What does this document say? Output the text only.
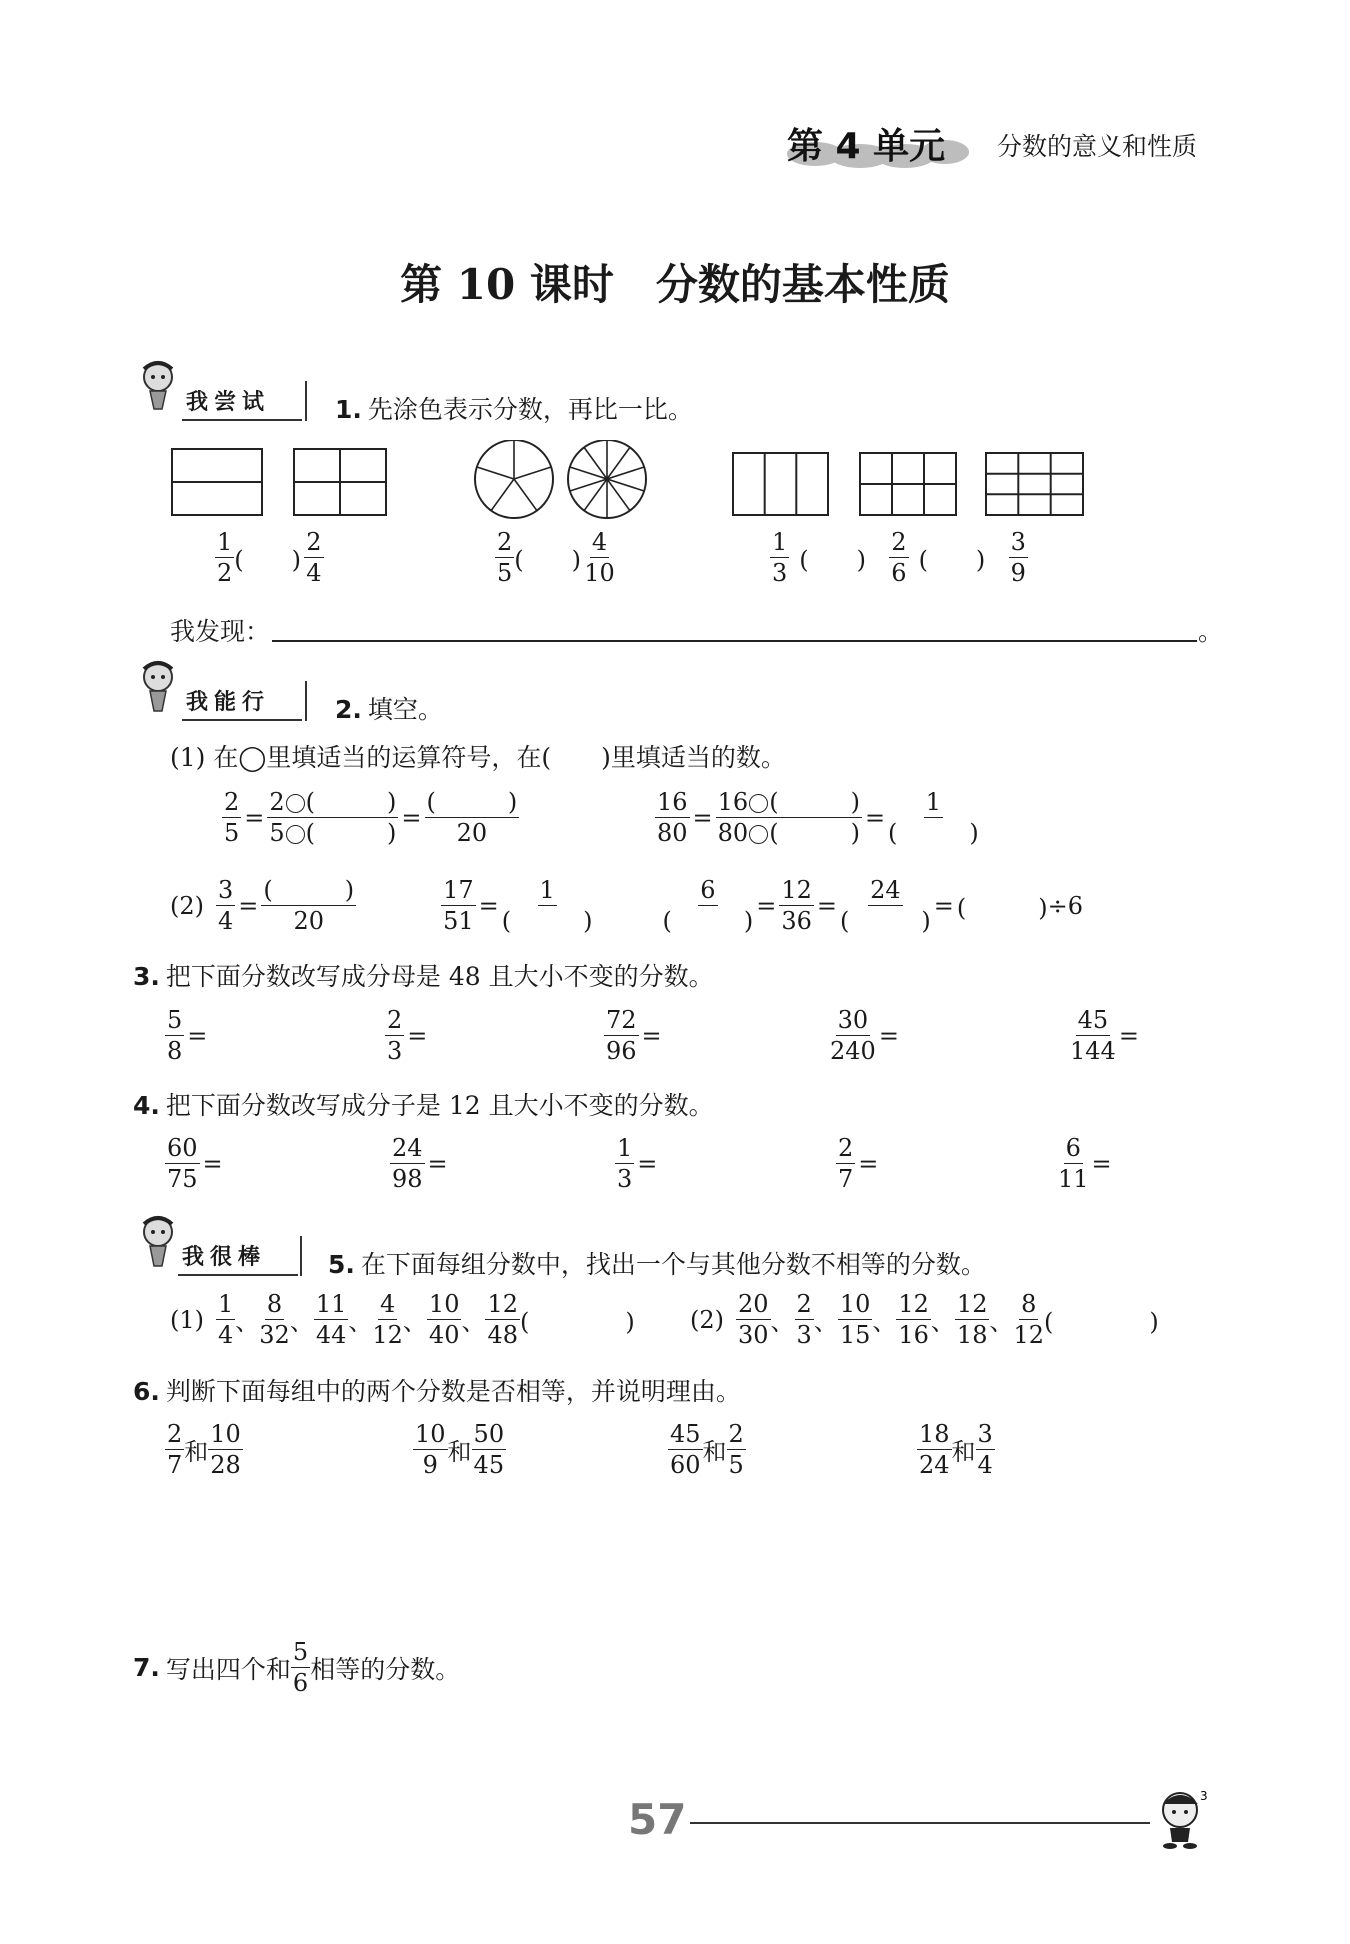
第 4 单元 分数的意义和性质
第 10 课时　分数的基本性质
我尝试	1. 先涂色表示分数，再比一比。
1
2 (　　)
2
4
2
5 (　　)
4
10
1
3 (　　)
2
6 (　　)
3
9
我发现：	。
我能行	2. 填空。
(1) 在◯里填适当的运算符号，在(　　)里填适当的数。
$\frac{2}{5} = \frac{2 ( )}{5 ( )}$ =
(　　　)
20	$\frac{16}{80} = \frac{16 ( )}{80 ( )}$ =
1
(　　　)
$(2) \frac{3}{4}$ =
(　　　)
20	$\frac{17}{51}$ =
1
(　　　)
6
(　　　)
= $\frac{12}{36}$ =
24
(　　　)
= (　　　) ÷6
3. 把下面分数改写成分母是 48 且大小不变的分数。
$\frac{5}{8}$ =	$\frac{2}{3}$ =	$\frac{72}{96}$ =	$\frac{30}{240}$ =	$\frac{45}{144}$ =
4. 把下面分数改写成分子是 12 且大小不变的分数。
$\frac{60}{75}$ =	$\frac{24}{98}$ =	$\frac{1}{3}$ =	$\frac{2}{7}$ =	$\frac{6}{11}$ =
我很棒 5. 在下面每组分数中，找出一个与其他分数不相等的分数。
(1)
1
4 、
8
32 、
11
44 、
4
12 、
10
40 、
12
48 (　　　　) (2)
20
30 、
2
3 、
10
15 、
12
16 、
12
18 、
8
12 (　　　　)
6. 判断下面每组中的两个分数是否相等，并说明理由。
2
7 和
10
28
10
9 和
50
45
45
60 和
2
5
18
24 和
3
4
7. 写出四个和
5
6 相等的分数。
57	3
